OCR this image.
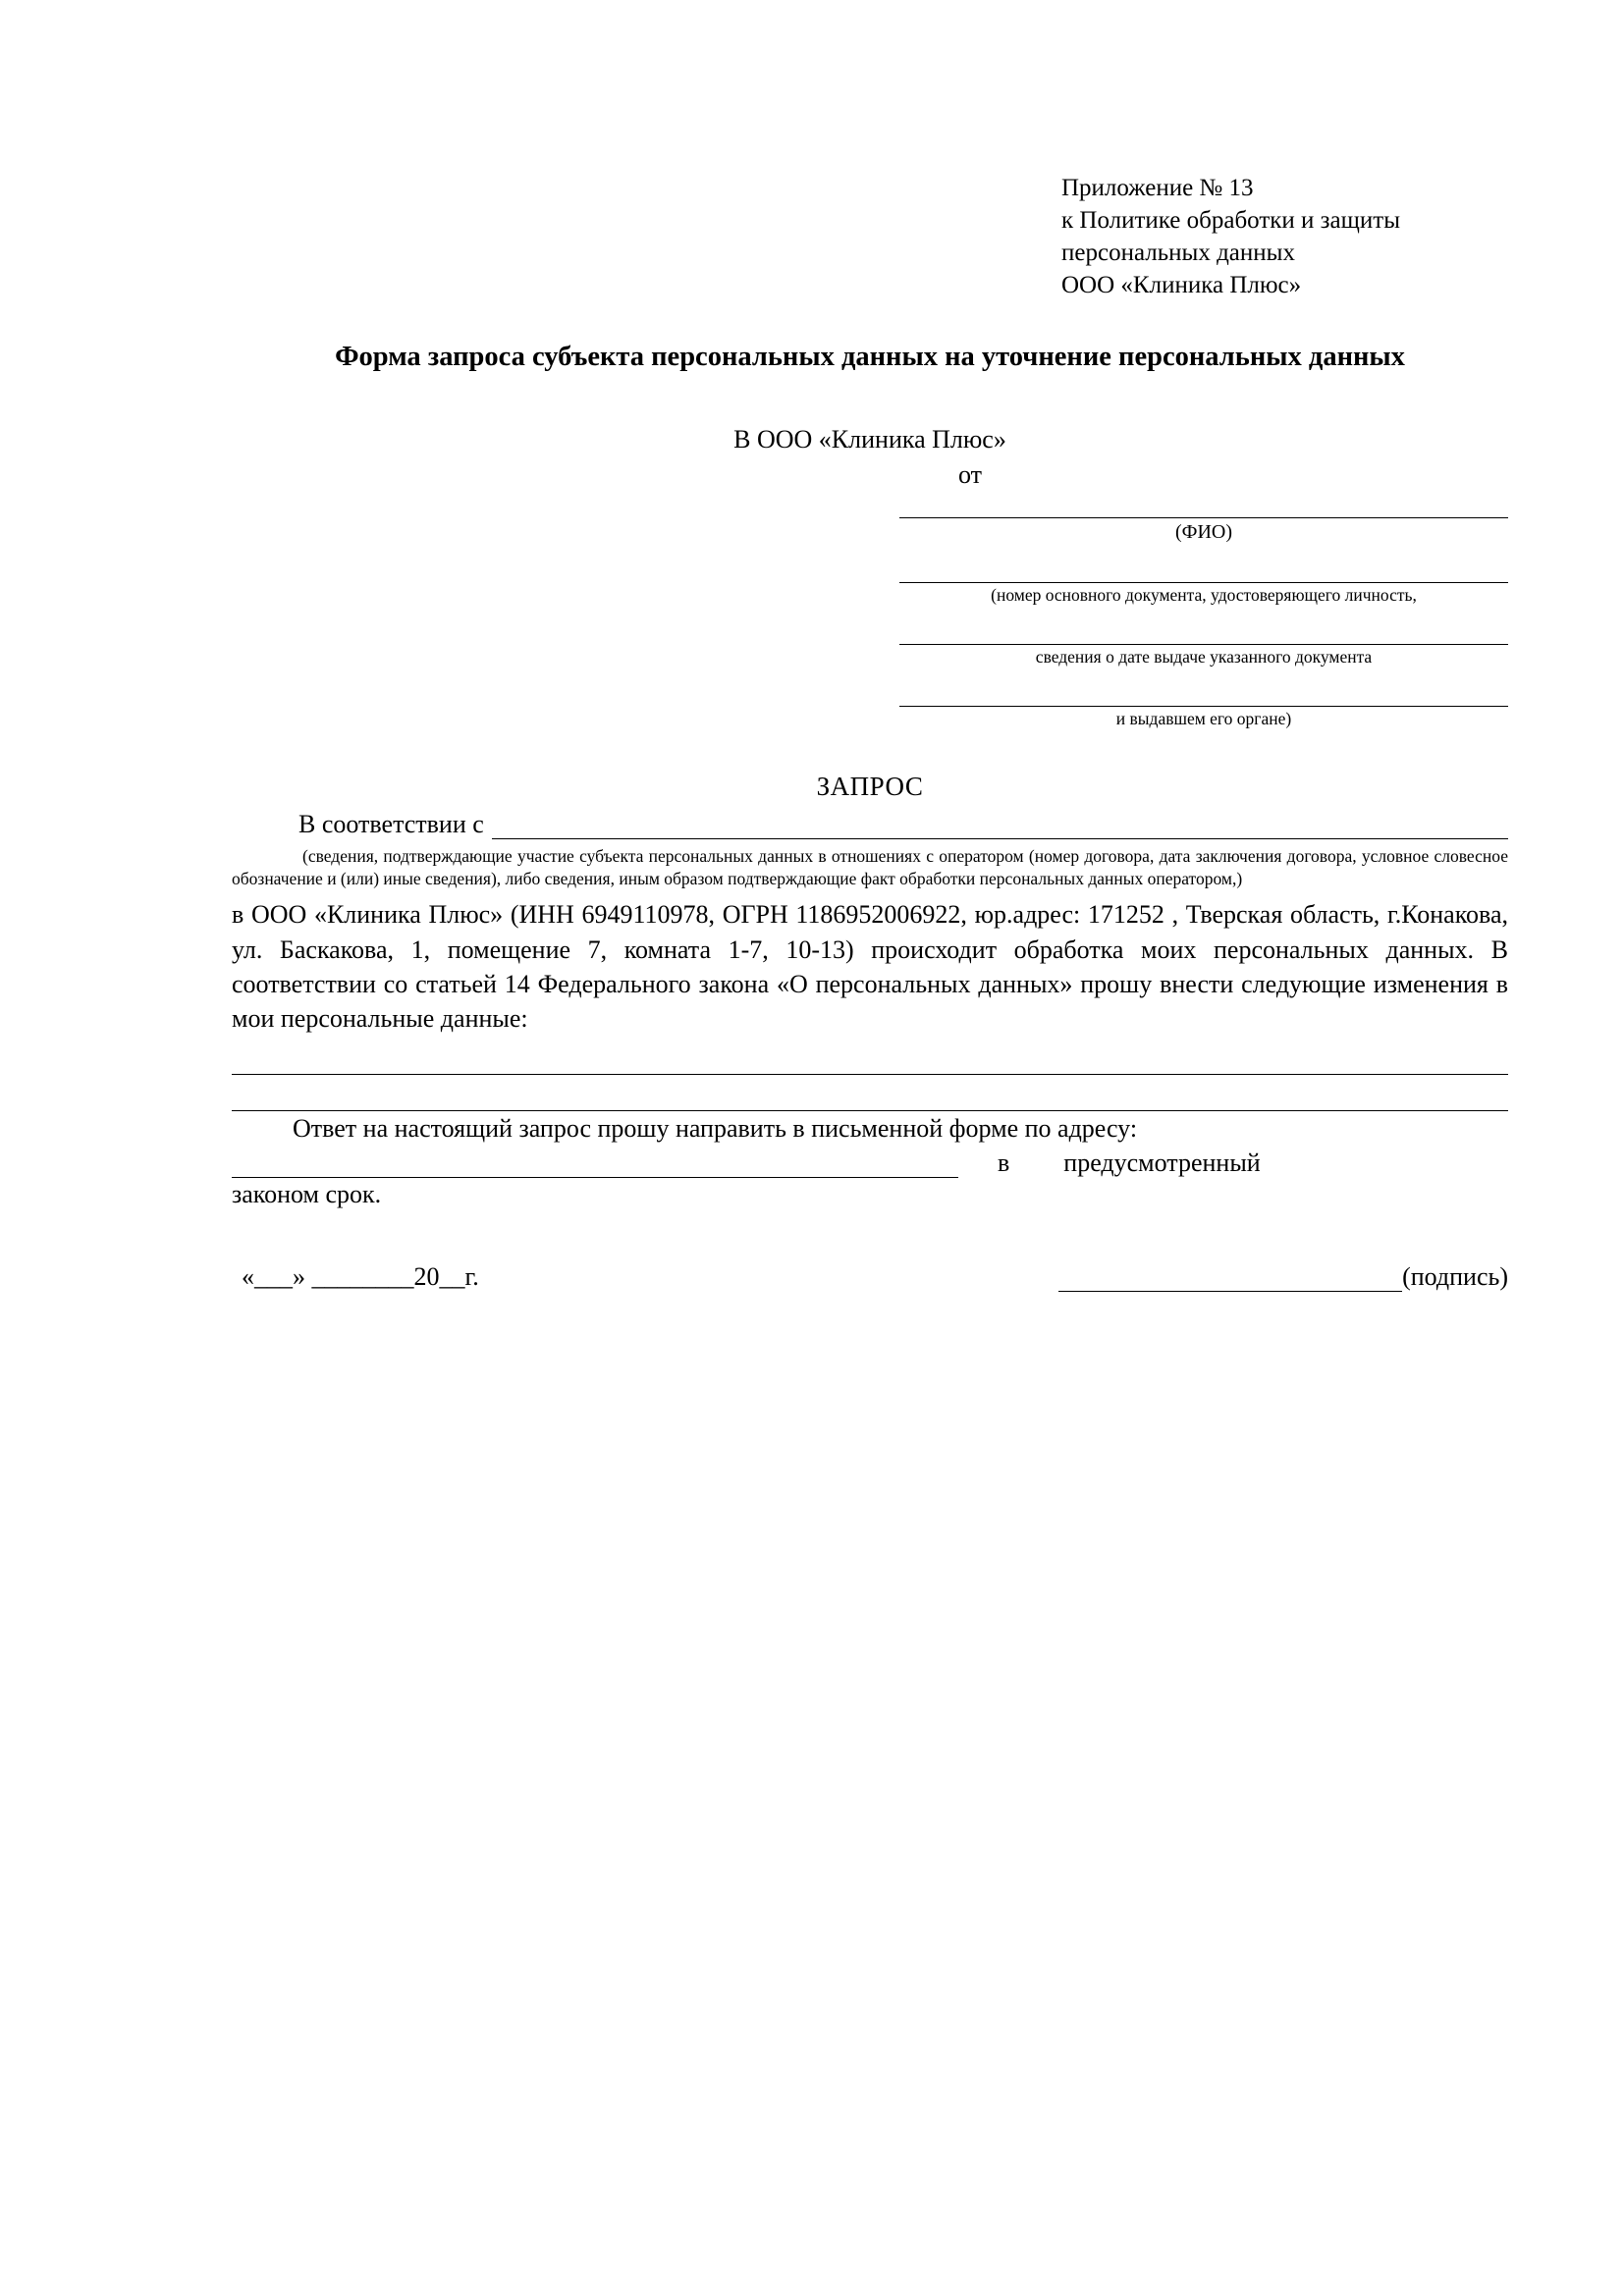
Приложение № 13
к Политике обработки и защиты
персональных данных
ООО «Клиника Плюс»
Форма запроса субъекта персональных данных на уточнение персональных данных
В ООО «Клиника Плюс»
от
(ФИО)
(номер основного документа, удостоверяющего личность,
сведения о дате выдаче указанного документа
и выдавшем его органе)
ЗАПРОС
В соответствии с
(сведения, подтверждающие участие субъекта персональных данных в отношениях с оператором (номер договора, дата заключения договора, условное словесное обозначение и (или) иные сведения), либо сведения, иным образом подтверждающие факт обработки персональных данных оператором,)
в ООО «Клиника Плюс» (ИНН 6949110978, ОГРН 1186952006922, юр.адрес: 171252 , Тверская область, г.Конакова, ул. Баскакова, 1, помещение 7, комната 1-7, 10-13) происходит обработка моих персональных данных. В соответствии со статьей 14 Федерального закона «О персональных данных» прошу внести следующие изменения в мои персональные данные:
Ответ на настоящий запрос прошу направить в письменной форме по адресу:
в	предусмотренный
законом срок.
«___» ________20__г.	(подпись)
